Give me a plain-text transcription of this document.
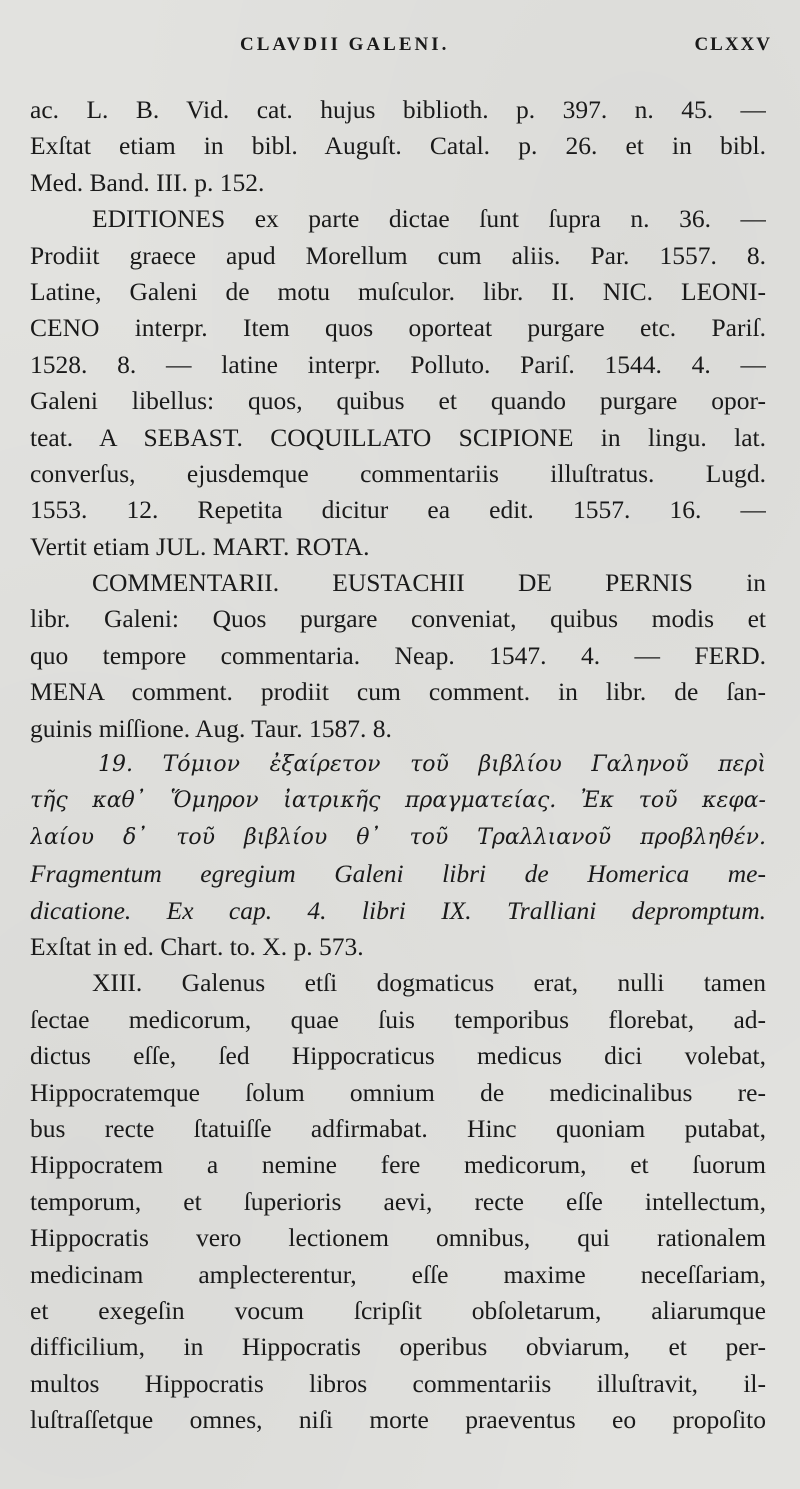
CLAVDII GALENI.	CLXXV
ac. L. B. Vid. cat. hujus biblioth. p. 397. n. 45. —
Exſtat etiam in bibl. Auguſt. Catal. p. 26. et in bibl.
Med. Band. III. p. 152.
EDITIONES ex parte dictae ſunt ſupra n. 36. —
Prodiit graece apud Morellum cum aliis. Par. 1557. 8.
Latine, Galeni de motu muſculor. libr. II. NIC. LEONI-
CENO interpr. Item quos oporteat purgare etc. Pariſ.
1528. 8. — latine interpr. Polluto. Pariſ. 1544. 4. —
Galeni libellus: quos, quibus et quando purgare opor-
teat. A SEBAST. COQUILLATO SCIPIONE in lingu. lat.
converſus, ejusdemque commentariis illuſtratus. Lugd.
1553. 12. Repetita dicitur ea edit. 1557. 16. —
Vertit etiam JUL. MART. ROTA.
COMMENTARII. EUSTACHII DE PERNIS in
libr. Galeni: Quos purgare conveniat, quibus modis et
quo tempore commentaria. Neap. 1547. 4. — FERD.
MENA comment. prodiit cum comment. in libr. de ſan-
guinis miſſione. Aug. Taur. 1587. 8.
19. Τόμιον ἐξαίρετον τοῦ βιβλίου Γαληνοῦ περὶ
τῆς καθ᾽ Ὅμηρον ἰατρικῆς πραγματείας. Ἐκ τοῦ κεφα-
λαίου δ᾽ τοῦ βιβλίου θ᾽ τοῦ Τραλλιανοῦ προβληθέν.
Fragmentum egregium Galeni libri de Homerica me-
dicatione. Ex cap. 4. libri IX. Tralliani depromptum.
Exſtat in ed. Chart. to. X. p. 573.
XIII. Galenus etſi dogmaticus erat, nulli tamen
ſectae medicorum, quae ſuis temporibus florebat, ad-
dictus eſſe, ſed Hippocraticus medicus dici volebat,
Hippocratemque ſolum omnium de medicinalibus re-
bus recte ſtatuiſſe adfirmabat. Hinc quoniam putabat,
Hippocratem a nemine fere medicorum, et ſuorum
temporum, et ſuperioris aevi, recte eſſe intellectum,
Hippocratis vero lectionem omnibus, qui rationalem
medicinam amplecterentur, eſſe maxime neceſſariam,
et exegeſin vocum ſcripſit obſoletarum, aliarumque
difficilium, in Hippocratis operibus obviarum, et per-
multos Hippocratis libros commentariis illuſtravit, il-
luſtraſſetque omnes, niſi morte praeventus eo propoſito
